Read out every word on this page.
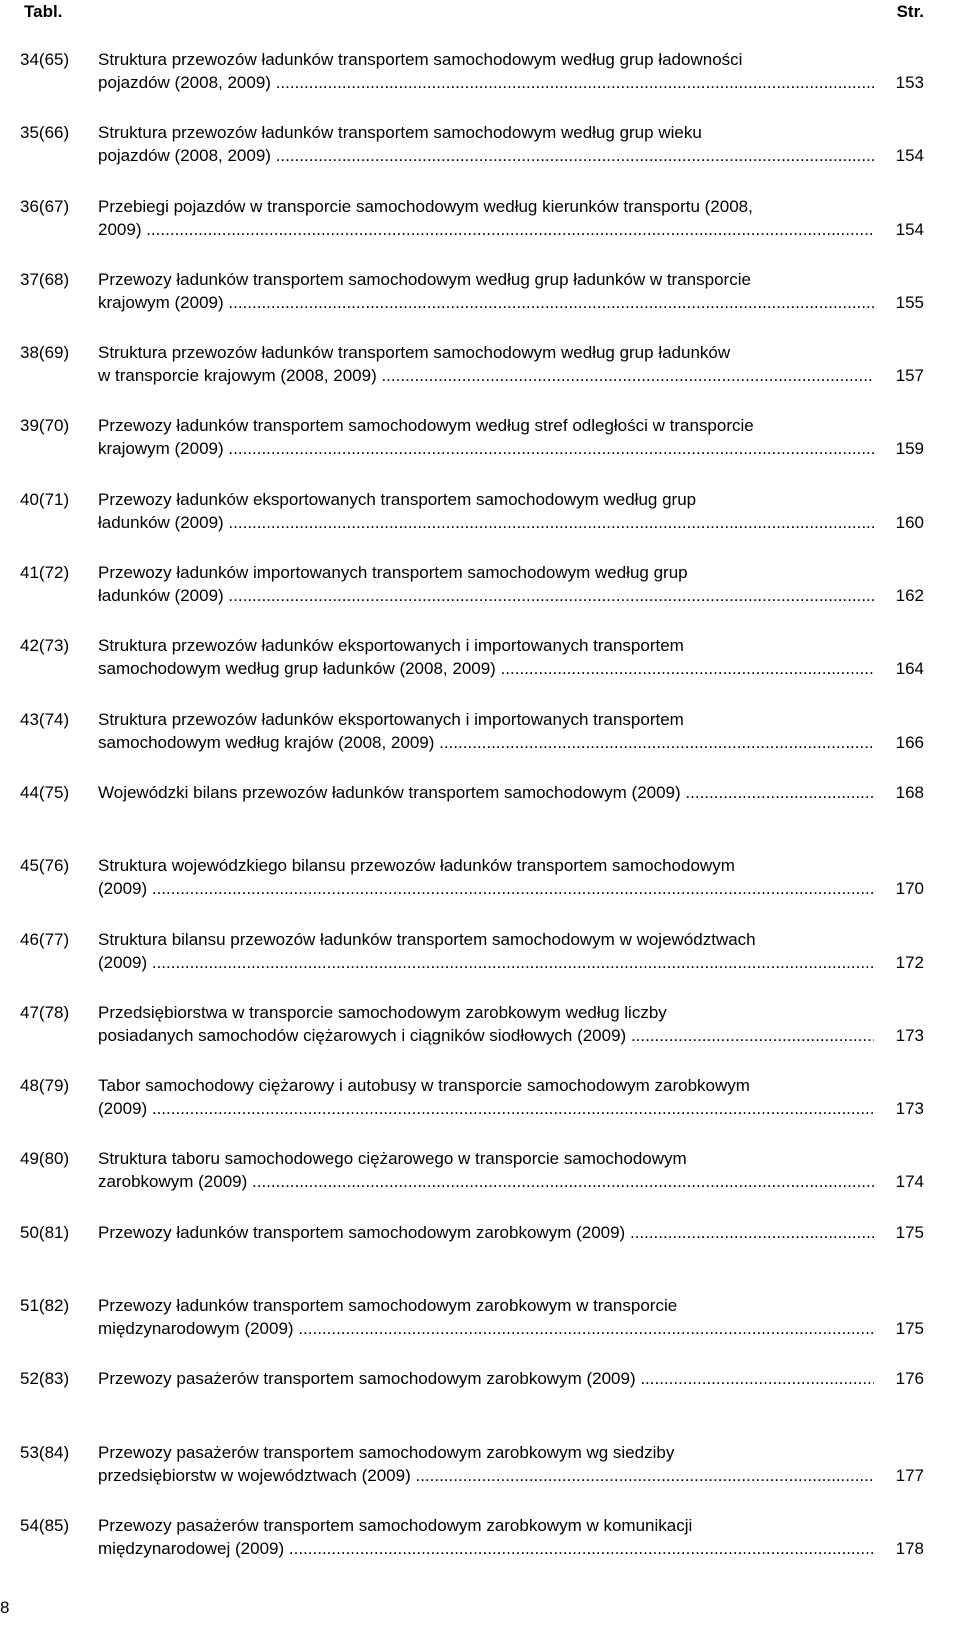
Tabl.	Str.
34(65)	Struktura przewozów ładunków transportem samochodowym według grup ładowności
pojazdów (2008, 2009) .....	153
35(66)	Struktura przewozów ładunków transportem samochodowym według grup wieku
pojazdów (2008, 2009) .....	154
36(67)	Przebiegi pojazdów w transporcie samochodowym według kierunków transportu (2008,
2009) .....	154
37(68)	Przewozy ładunków transportem samochodowym według grup ładunków w transporcie
krajowym (2009) .....	155
38(69)	Struktura przewozów ładunków transportem samochodowym według grup ładunków
w transporcie krajowym (2008, 2009) .....	157
39(70)	Przewozy ładunków transportem samochodowym według stref odległości w transporcie
krajowym (2009) .....	159
40(71)	Przewozy ładunków eksportowanych transportem samochodowym według grup
ładunków (2009) .....	160
41(72)	Przewozy ładunków importowanych transportem samochodowym według grup
ładunków (2009) .....	162
42(73)	Struktura przewozów ładunków eksportowanych i importowanych transportem
samochodowym według grup ładunków (2008, 2009) .....	164
43(74)	Struktura przewozów ładunków eksportowanych i importowanych transportem
samochodowym według krajów (2008, 2009) .....	166
44(75)	Wojewódzki bilans przewozów ładunków transportem samochodowym (2009) .....	168
45(76)	Struktura wojewódzkiego bilansu przewozów ładunków transportem samochodowym
(2009) .....	170
46(77)	Struktura bilansu przewozów ładunków transportem samochodowym w województwach
(2009) .....	172
47(78)	Przedsiębiorstwa w transporcie samochodowym zarobkowym według liczby
posiadanych samochodów ciężarowych i ciągników siodłowych (2009) .....	173
48(79)	Tabor samochodowy ciężarowy i autobusy w transporcie samochodowym zarobkowym
(2009) .....	173
49(80)	Struktura taboru samochodowego ciężarowego w transporcie samochodowym
zarobkowym (2009) .....	174
50(81)	Przewozy ładunków transportem samochodowym zarobkowym (2009) .....	175
51(82)	Przewozy ładunków transportem samochodowym zarobkowym w transporcie
międzynarodowym (2009) .....	175
52(83)	Przewozy pasażerów transportem samochodowym zarobkowym (2009) .....	176
53(84)	Przewozy pasażerów transportem samochodowym zarobkowym wg siedziby
przedsiębiorstw w województwach (2009) .....	177
54(85)	Przewozy pasażerów transportem samochodowym zarobkowym w komunikacji
międzynarodowej (2009) .....	178
8
